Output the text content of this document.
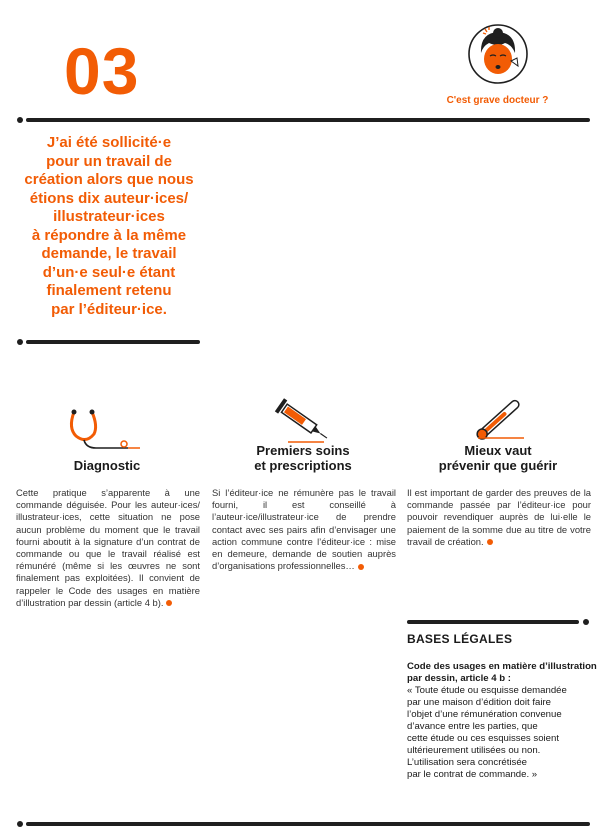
03	C'est grave docteur ?
J’ai été sollicité·e
pour un travail de
création alors que nous
étions dix auteur·ices/
illustrateur·ices
à répondre à la même
demande, le travail
d’un·e seul·e étant
finalement retenu
par l’éditeur·ice.
Diagnostic
Cette pratique s’apparente à une commande déguisée. Pour les auteur·ices/ illustrateur·ices, cette situation ne pose aucun problème du moment que le travail fourni aboutit à la signature d’un contrat de commande ou que le travail réalisé est rémunéré (même si les œuvres ne sont finalement pas exploitées). Il convient de rappeler le Code des usages en matière d’illustration par dessin (article 4 b).
Premiers soins
et prescriptions
Si l’éditeur·ice ne rémunère pas le travail fourni, il est conseillé à l’auteur·ice/illustrateur·ice de prendre contact avec ses pairs afin d’envisager une action commune contre l’éditeur·ice : mise en demeure, demande de soutien auprès d’organisations professionnelles…
Mieux vaut
prévenir que guérir
Il est important de garder des preuves de la commande passée par l’éditeur·ice pour pouvoir revendiquer auprès de lui·elle le paiement de la somme due au titre de votre travail de création.
BASES LÉGALES
Code des usages en matière d’illustration par dessin, article 4 b :
« Toute étude ou esquisse demandée
par une maison d’édition doit faire
l’objet d’une rémunération convenue
d’avance entre les parties, que
cette étude ou ces esquisses soient
ultérieurement utilisées ou non.
L’utilisation sera concrétisée
par le contrat de commande. »
